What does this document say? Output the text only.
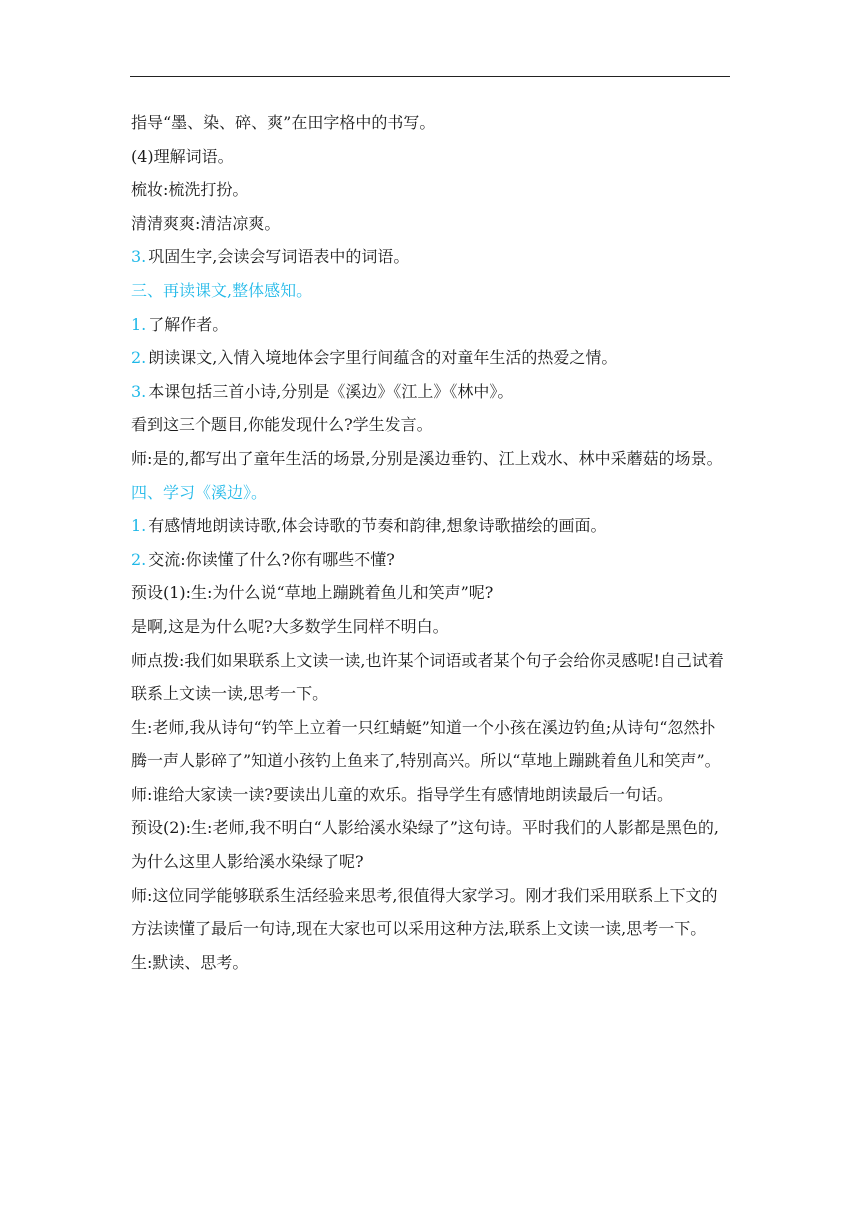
指导“墨、染、碎、爽”在田字格中的书写。

(4)理解词语。

梳妆:梳洗打扮。

清清爽爽:清洁凉爽。

3. 巩固生字,会读会写词语表中的词语。

三、再读课文,整体感知。

1. 了解作者。

2. 朗读课文,入情入境地体会字里行间蕴含的对童年生活的热爱之情。

3. 本课包括三首小诗,分别是《溪边》《江上》《林中》。

看到这三个题目,你能发现什么?学生发言。

师:是的,都写出了童年生活的场景,分别是溪边垂钓、江上戏水、林中采蘑菇的场景。

四、学习《溪边》。

1. 有感情地朗读诗歌,体会诗歌的节奏和韵律,想象诗歌描绘的画面。

2. 交流:你读懂了什么?你有哪些不懂?

预设(1):生:为什么说“草地上蹦跳着鱼儿和笑声”呢?

是啊,这是为什么呢?大多数学生同样不明白。

师点拨:我们如果联系上文读一读,也许某个词语或者某个句子会给你灵感呢!自己试着联系上文读一读,思考一下。

生:老师,我从诗句“钓竿上立着一只红蜻蜓”知道一个小孩在溪边钓鱼;从诗句“忽然扑腾一声人影碎了”知道小孩钓上鱼来了,特别高兴。所以“草地上蹦跳着鱼儿和笑声”。

师:谁给大家读一读?要读出儿童的欢乐。指导学生有感情地朗读最后一句话。

预设(2):生:老师,我不明白“人影给溪水染绿了”这句诗。平时我们的人影都是黑色的,为什么这里人影给溪水染绿了呢?

师:这位同学能够联系生活经验来思考,很值得大家学习。刚才我们采用联系上下文的方法读懂了最后一句诗,现在大家也可以采用这种方法,联系上文读一读,思考一下。

生:默读、思考。
